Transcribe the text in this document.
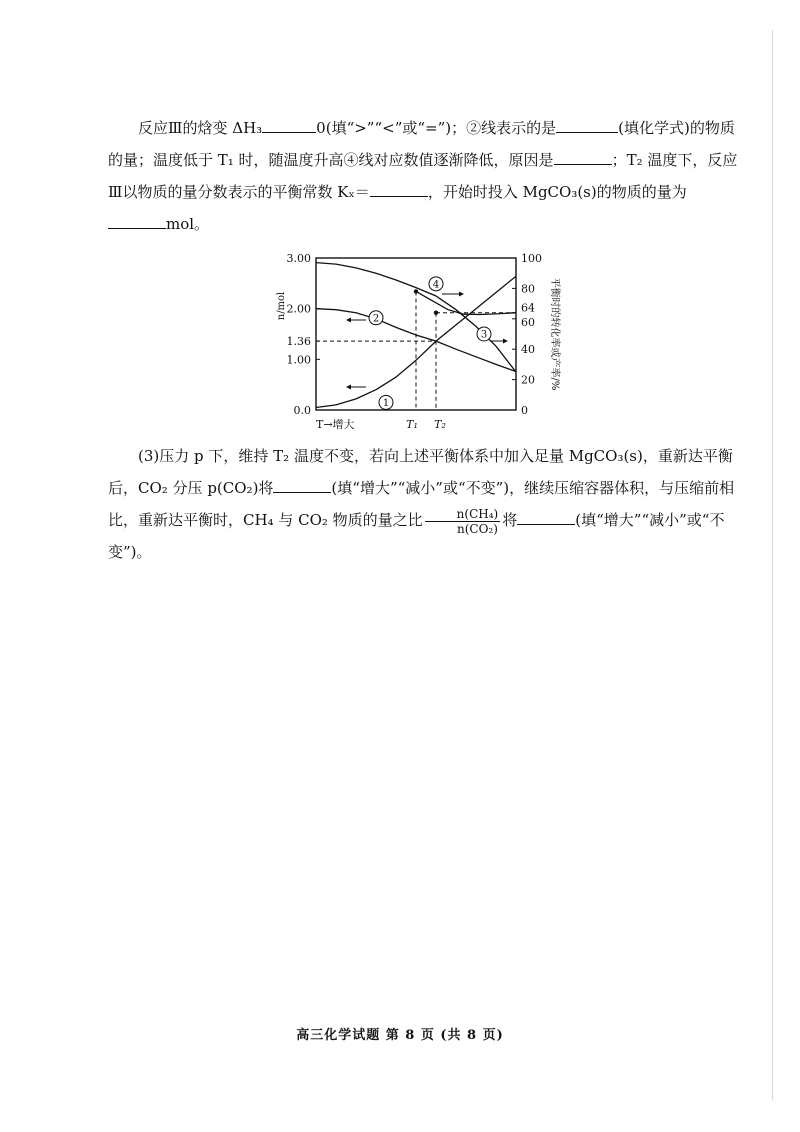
反应Ⅲ的焓变 ΔH₃	0(填“>”“<”或“=”)；②线表示的是	(填化学式)的物质的量；温度低于 T₁ 时，随温度升高④线对应数值逐渐降低，原因是	；T₂ 温度下，反应Ⅲ以物质的量分数表示的平衡常数 Kₓ＝	，开始时投入 MgCO₃(s)的物质的量为mol。

n/mol	平衡时的转化率或产率/%
3.00
2.00
1.36
1.00
0.0
100
80
64
60
40
20
0
1
2
3
4
T→增大	T₁ T₂

(3)压力 p 下，维持 T₂ 温度不变，若向上述平衡体系中加入足量 MgCO₃(s)，重新达平衡后，CO₂ 分压 p(CO₂)将	(填“增大”“减小”或“不变”)，继续压缩容器体积，与压缩前相比，重新达平衡时，CH₄ 与 CO₂ 物质的量之比 $\frac{\text{n(CH₄)}}{\text{n(CO₂)}}$ 将	(填“增大”“减小”或“不变”)。

高三化学试题 第 8 页 (共 8 页)
